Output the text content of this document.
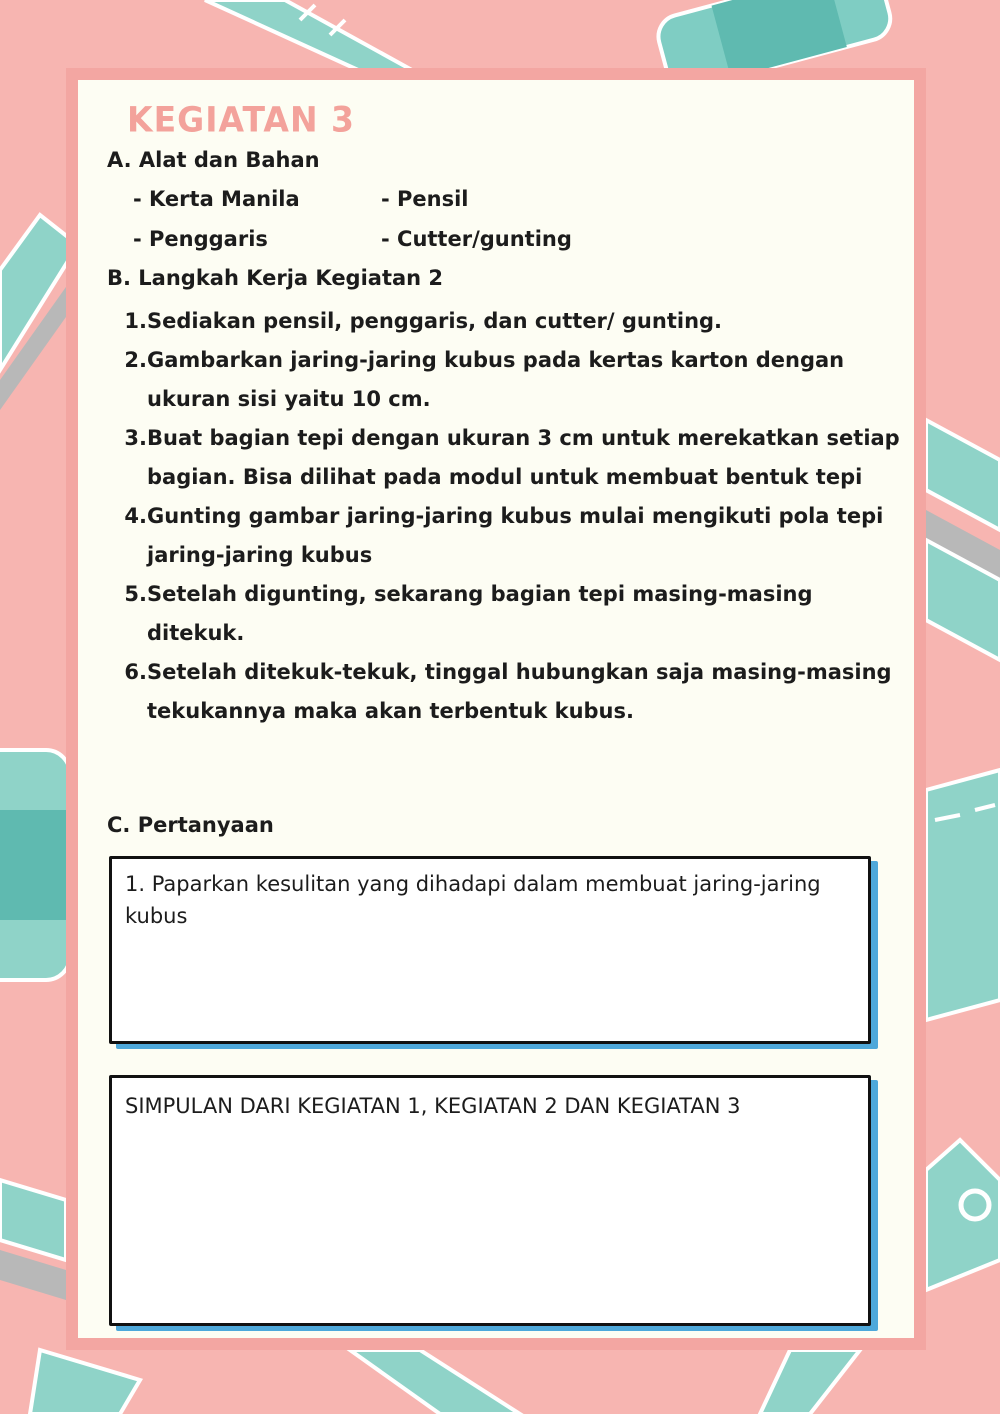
KEGIATAN 3
A. Alat dan Bahan
- Kerta Manila	- Pensil
- Penggaris	- Cutter/gunting
B. Langkah Kerja Kegiatan 2
1. Sediakan pensil, penggaris, dan cutter/ gunting.
2. Gambarkan jaring-jaring kubus pada kertas karton dengan ukuran sisi yaitu 10 cm.
3. Buat bagian tepi dengan ukuran 3 cm untuk merekatkan setiap bagian. Bisa dilihat pada modul untuk membuat bentuk tepi
4. Gunting gambar jaring-jaring kubus mulai mengikuti pola tepi jaring-jaring kubus
5. Setelah digunting, sekarang bagian tepi masing-masing ditekuk.
6. Setelah ditekuk-tekuk, tinggal hubungkan saja masing-masing tekukannya maka akan terbentuk kubus.
C. Pertanyaan
1. Paparkan kesulitan yang dihadapi dalam membuat jaring-jaring kubus
SIMPULAN DARI KEGIATAN 1, KEGIATAN 2 DAN KEGIATAN 3
